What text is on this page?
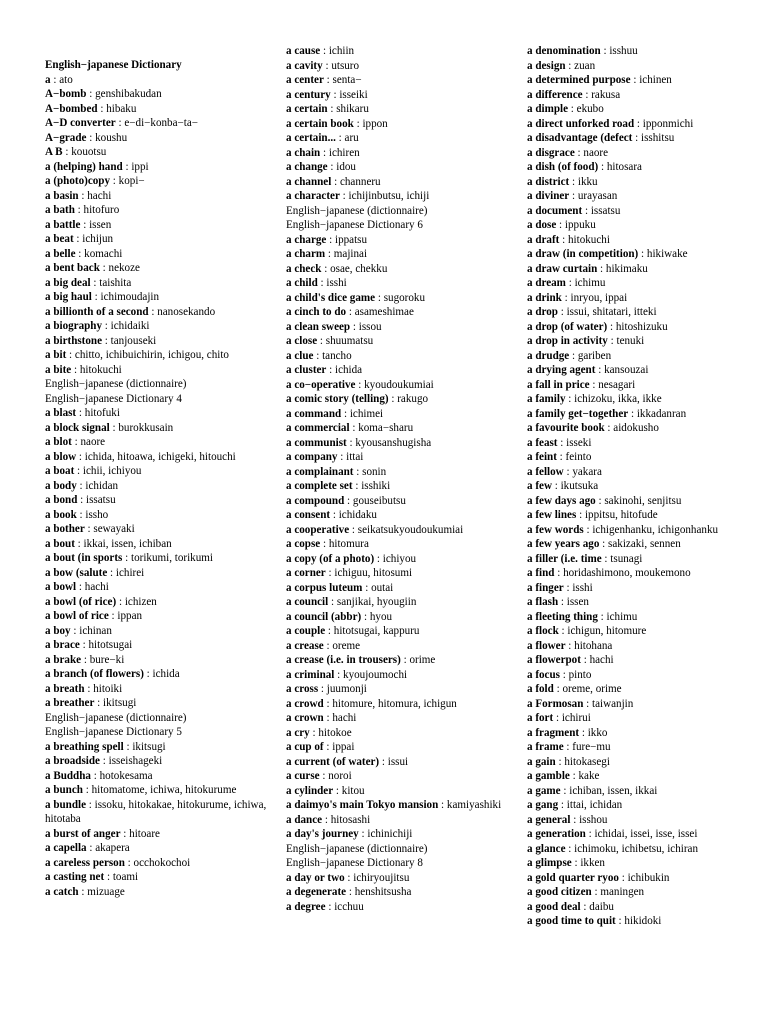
English−japanese Dictionary
a : ato
A−bomb : genshibakudan
A−bombed : hibaku
A−D converter : e−di−konba−ta−
A−grade : koushu
A B : kouotsu
a (helping) hand : ippi
a (photo)copy : kopi−
a basin : hachi
a bath : hitofuro
a battle : issen
a beat : ichijun
a belle : komachi
a bent back : nekoze
a big deal : taishita
a big haul : ichimoudajin
a billionth of a second : nanosekando
a biography : ichidaiki
a birthstone : tanjouseki
a bit : chitto, ichibuichirin, ichigou, chito
a bite : hitokuchi
English−japanese (dictionnaire)
English−japanese Dictionary 4
a blast : hitofuki
a block signal : burokkusain
a blot : naore
a blow : ichida, hitoawa, ichigeki, hitouchi
a boat : ichii, ichiyou
a body : ichidan
a bond : issatsu
a book : issho
a bother : sewayaki
a bout : ikkai, issen, ichiban
a bout (in sports : torikumi, torikumi
a bow (salute : ichirei
a bowl : hachi
a bowl (of rice) : ichizen
a bowl of rice : ippan
a boy : ichinan
a brace : hitotsugai
a brake : bure−ki
a branch (of flowers) : ichida
a breath : hitoiki
a breather : ikitsugi
English−japanese (dictionnaire)
English−japanese Dictionary 5
a breathing spell : ikitsugi
a broadside : isseishageki
a Buddha : hotokesama
a bunch : hitomatome, ichiwa, hitokurume
a bundle : issoku, hitokakae, hitokurume, ichiwa, hitotaba
a burst of anger : hitoare
a capella : akapera
a careless person : occhokochoi
a casting net : toami
a catch : mizuage
a cause : ichiin
a cavity : utsuro
a center : senta−
a century : isseiki
a certain : shikaru
a certain book : ippon
a certain... : aru
a chain : ichiren
a change : idou
a channel : channeru
a character : ichijinbutsu, ichiji
English−japanese (dictionnaire)
English−japanese Dictionary 6
a charge : ippatsu
a charm : majinai
a check : osae, chekku
a child : isshi
a child's dice game : sugoroku
a cinch to do : asameshimae
a clean sweep : issou
a close : shuumatsu
a clue : tancho
a cluster : ichida
a co−operative : kyoudoukumiai
a comic story (telling) : rakugo
a command : ichimei
a commercial : koma−sharu
a communist : kyousanshugisha
a company : ittai
a complainant : sonin
a complete set : isshiki
a compound : gouseibutsu
a consent : ichidaku
a cooperative : seikatsukyoudoukumiai
a copse : hitomura
a copy (of a photo) : ichiyou
a corner : ichiguu, hitosumi
a corpus luteum : outai
a council : sanjikai, hyougiin
a council (abbr) : hyou
a couple : hitotsugai, kappuru
a crease : oreme
a crease (i.e. in trousers) : orime
a criminal : kyoujoumochi
a cross : juumonji
a crowd : hitomure, hitomura, ichigun
a crown : hachi
a cry : hitokoe
a cup of : ippai
a current (of water) : issui
a curse : noroi
a cylinder : kitou
a daimyo's main Tokyo mansion : kamiyashiki
a dance : hitosashi
a day's journey : ichinichiji
English−japanese (dictionnaire)
English−japanese Dictionary 8
a day or two : ichiryoujitsu
a degenerate : henshitsusha
a degree : icchuu
a denomination : isshuu
a design : zuan
a determined purpose : ichinen
a difference : rakusa
a dimple : ekubo
a direct unforked road : ipponmichi
a disadvantage (defect : isshitsu
a disgrace : naore
a dish (of food) : hitosara
a district : ikku
a diviner : urayasan
a document : issatsu
a dose : ippuku
a draft : hitokuchi
a draw (in competition) : hikiwake
a draw curtain : hikimaku
a dream : ichimu
a drink : inryou, ippai
a drop : issui, shitatari, itteki
a drop (of water) : hitoshizuku
a drop in activity : tenuki
a drudge : gariben
a drying agent : kansouzai
a fall in price : nesagari
a family : ichizoku, ikka, ikke
a family get−together : ikkadanran
a favourite book : aidokusho
a feast : isseki
a feint : feinto
a fellow : yakara
a few : ikutsuka
a few days ago : sakinohi, senjitsu
a few lines : ippitsu, hitofude
a few words : ichigenhanku, ichigonhanku
a few years ago : sakizaki, sennen
a filler (i.e. time : tsunagi
a find : horidashimono, moukemono
a finger : isshi
a flash : issen
a fleeting thing : ichimu
a flock : ichigun, hitomure
a flower : hitohana
a flowerpot : hachi
a focus : pinto
a fold : oreme, orime
a Formosan : taiwanjin
a fort : ichirui
a fragment : ikko
a frame : fure−mu
a gain : hitokasegi
a gamble : kake
a game : ichiban, issen, ikkai
a gang : ittai, ichidan
a general : isshou
a generation : ichidai, issei, isse, issei
a glance : ichimoku, ichibetsu, ichiran
a glimpse : ikken
a gold quarter ryoo : ichibukin
a good citizen : maningen
a good deal : daibu
a good time to quit : hikidoki
